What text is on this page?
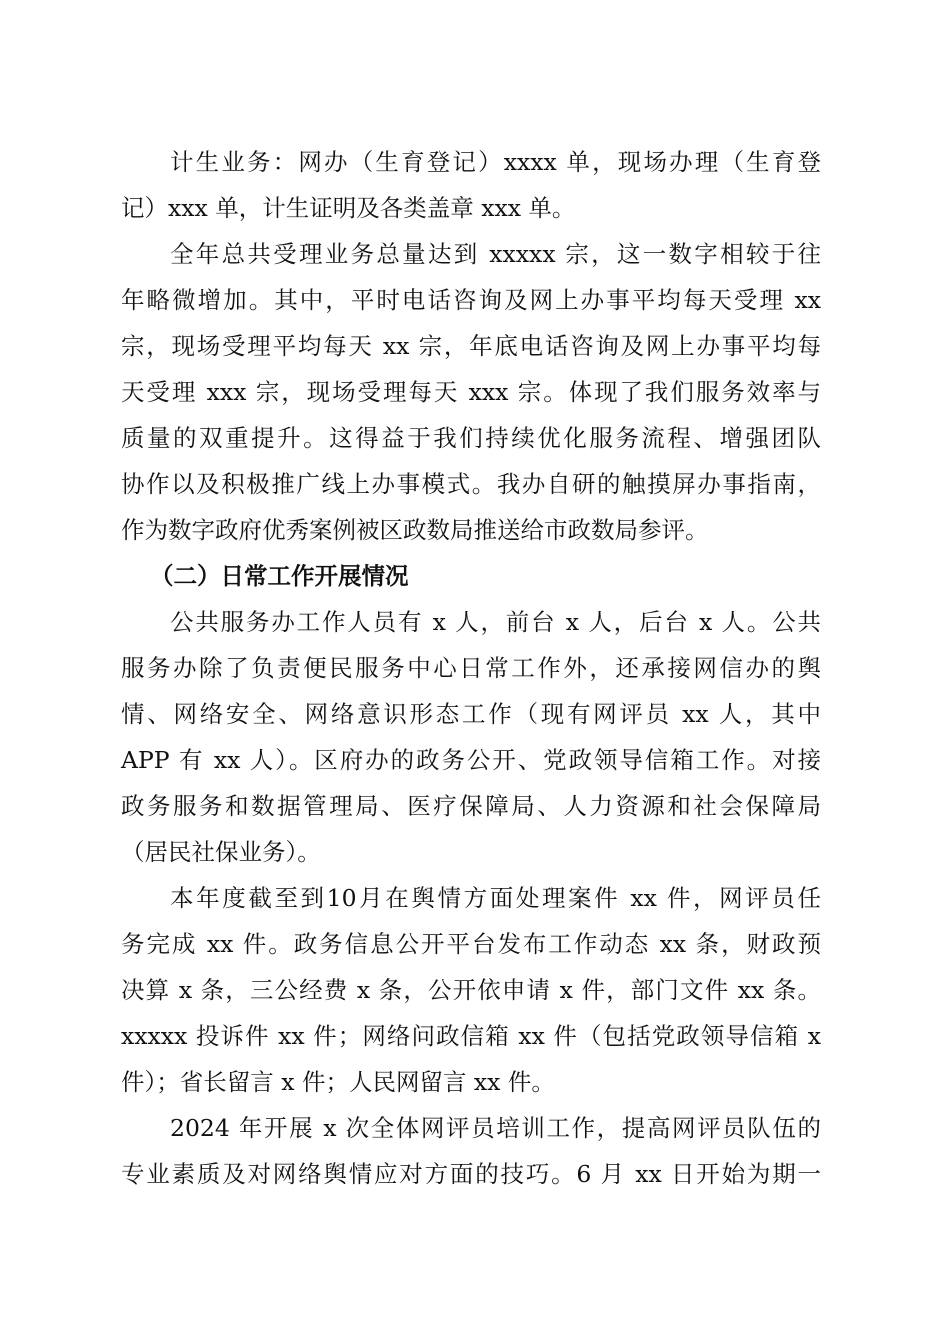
计生业务：网办（生育登记）xxxx 单，现场办理（生育登
记）xxx 单，计生证明及各类盖章 xxx 单。
全年总共受理业务总量达到 xxxxx 宗，这一数字相较于往
年略微增加。其中，平时电话咨询及网上办事平均每天受理 xx
宗，现场受理平均每天 xx 宗，年底电话咨询及网上办事平均每
天受理 xxx 宗，现场受理每天 xxx 宗。体现了我们服务效率与
质量的双重提升。这得益于我们持续优化服务流程、增强团队
协作以及积极推广线上办事模式。我办自研的触摸屏办事指南，
作为数字政府优秀案例被区政数局推送给市政数局参评。
（二）日常工作开展情况
公共服务办工作人员有 x 人，前台 x 人，后台 x 人。公共
服务办除了负责便民服务中心日常工作外，还承接网信办的舆
情、网络安全、网络意识形态工作（现有网评员 xx 人，其中
APP 有 xx 人）。区府办的政务公开、党政领导信箱工作。对接
政务服务和数据管理局、医疗保障局、人力资源和社会保障局
（居民社保业务）。
本年度截至到10月在舆情方面处理案件 xx 件，网评员任
务完成 xx 件。政务信息公开平台发布工作动态 xx 条，财政预
决算 x 条，三公经费 x 条，公开依申请 x 件，部门文件 xx 条。
xxxxx 投诉件 xx 件；网络问政信箱 xx 件（包括党政领导信箱 x
件）；省长留言 x 件；人民网留言 xx 件。
2024 年开展 x 次全体网评员培训工作，提高网评员队伍的
专业素质及对网络舆情应对方面的技巧。6 月 xx 日开始为期一
